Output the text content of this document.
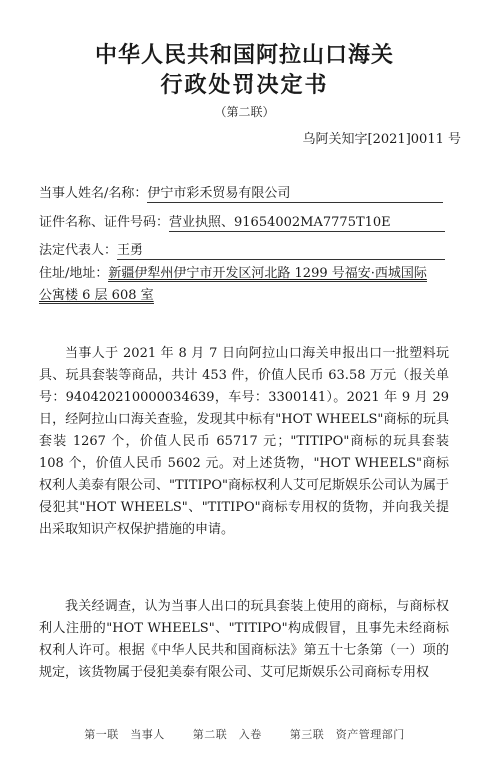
中华人民共和国阿拉山口海关
行政处罚决定书
（第二联）
乌阿关知字[2021]0011 号
当事人姓名/名称：伊宁市彩禾贸易有限公司
证件名称、证件号码：营业执照、91654002MA7775T10E
法定代表人：王勇
住址/地址：新疆伊犁州伊宁市开发区河北路 1299 号福安·西城国际
公寓楼 6 层 608 室
当事人于 2021 年 8 月 7 日向阿拉山口海关申报出口一批塑料玩具、玩具套装等商品，共计 453 件，价值人民币 63.58 万元（报关单号：940420210000034639，车号：3300141）。2021 年 9 月 29 日，经阿拉山口海关查验，发现其中标有"HOT WHEELS"商标的玩具套装 1267 个，价值人民币 65717 元；"TITIPO"商标的玩具套装 108 个，价值人民币 5602 元。对上述货物，"HOT WHEELS"商标权利人美泰有限公司、"TITIPO"商标权利人艾可尼斯娱乐公司认为属于侵犯其"HOT WHEELS"、"TITIPO"商标专用权的货物，并向我关提出采取知识产权保护措施的申请。
我关经调查，认为当事人出口的玩具套装上使用的商标，与商标权利人注册的"HOT WHEELS"、"TITIPO"构成假冒，且事先未经商标权利人许可。根据《中华人民共和国商标法》第五十七条第（一）项的规定，该货物属于侵犯美泰有限公司、艾可尼斯娱乐公司商标专用权
第一联　当事人	第二联　入卷	第三联　资产管理部门
